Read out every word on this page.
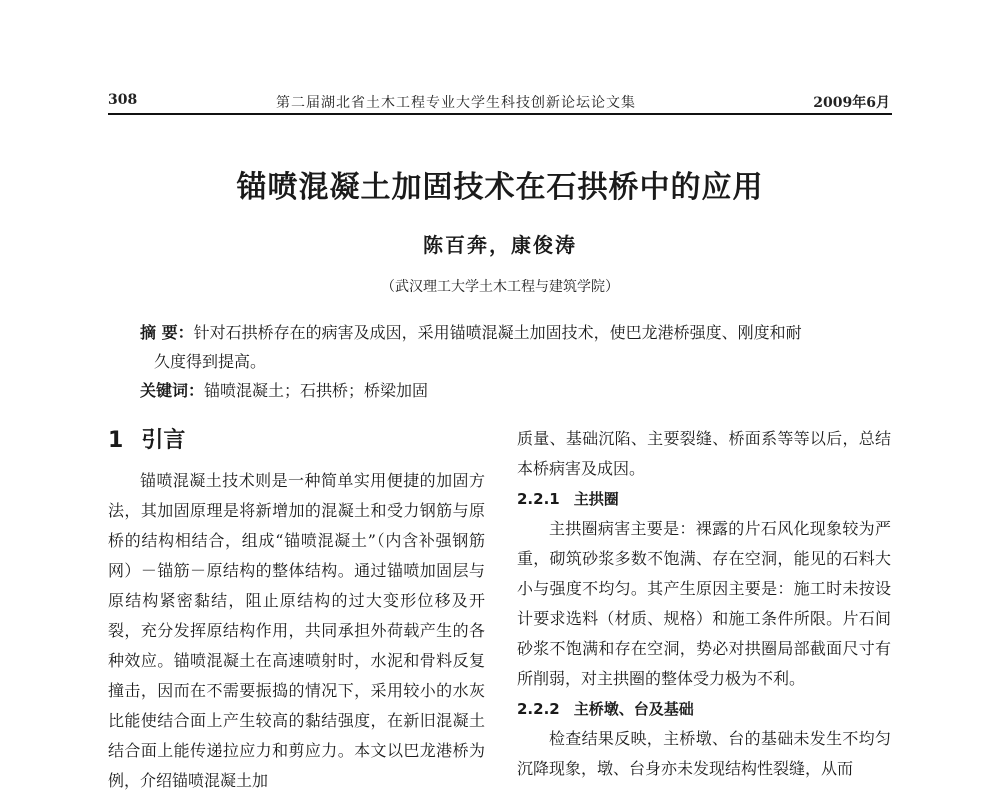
308	第二届湖北省土木工程专业大学生科技创新论坛论文集	2009年6月
锚喷混凝土加固技术在石拱桥中的应用
陈百奔，康俊涛
（武汉理工大学土木工程与建筑学院）

摘 要：针对石拱桥存在的病害及成因，采用锚喷混凝土加固技术，使巴龙港桥强度、刚度和耐

久度得到提高。

关键词：锚喷混凝土；石拱桥；桥梁加固

1 引言

锚喷混凝土技术则是一种简单实用便捷的加固方法，其加固原理是将新增加的混凝土和受力钢筋与原桥的结构相结合，组成“锚喷混凝土”（内含补强钢筋网）－锚筋－原结构的整体结构。通过锚喷加固层与原结构紧密黏结，阻止原结构的过大变形位移及开裂，充分发挥原结构作用，共同承担外荷载产生的各种效应。锚喷混凝土在高速喷射时，水泥和骨料反复撞击，因而在不需要振捣的情况下，采用较小的水灰比能使结合面上产生较高的黏结强度，在新旧混凝土结合面上能传递拉应力和剪应力。本文以巴龙港桥为例，介绍锚喷混凝土加

质量、基础沉陷、主要裂缝、桥面系等等以后，总结本桥病害及成因。

2.2.1 主拱圈

主拱圈病害主要是：裸露的片石风化现象较为严重，砌筑砂浆多数不饱满、存在空洞，能见的石料大小与强度不均匀。其产生原因主要是：施工时未按设计要求选料（材质、规格）和施工条件所限。片石间砂浆不饱满和存在空洞，势必对拱圈局部截面尺寸有所削弱，对主拱圈的整体受力极为不利。

2.2.2 主桥墩、台及基础

检查结果反映，主桥墩、台的基础未发生不均匀沉降现象，墩、台身亦未发现结构性裂缝，从而
